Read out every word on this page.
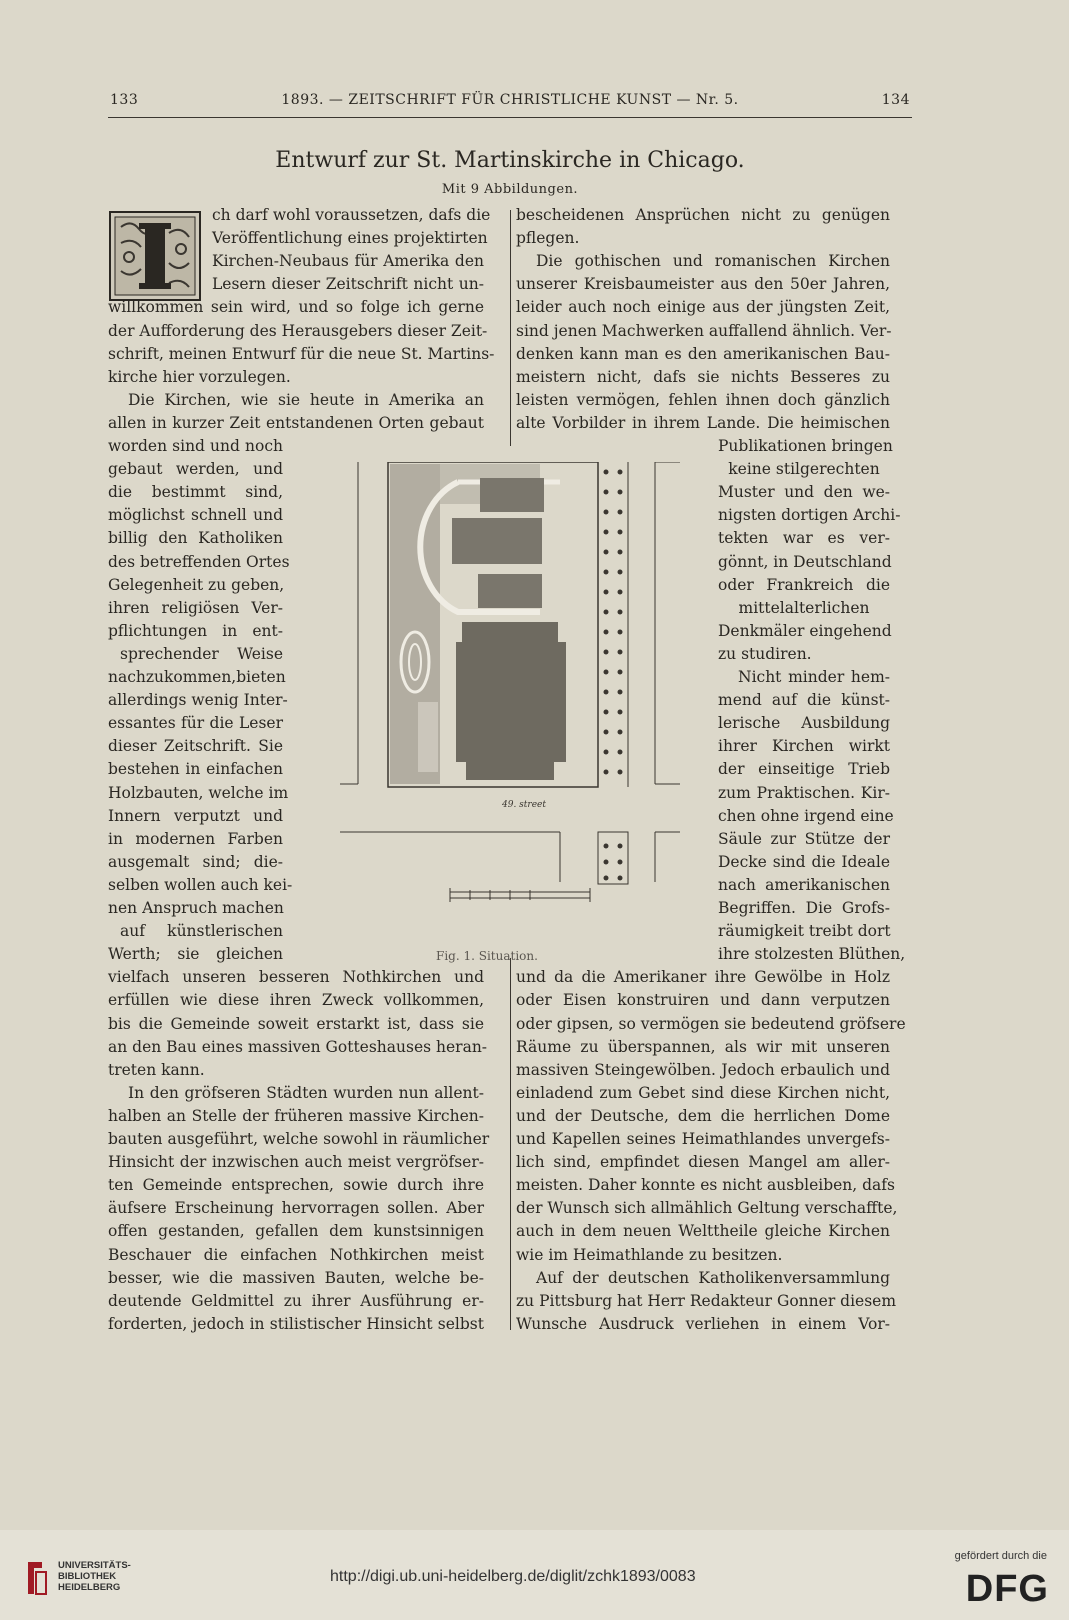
133	1893. — ZEITSCHRIFT FÜR CHRISTLICHE KUNST — Nr. 5.	134
Entwurf zur St. Martinskirche in Chicago.
Mit 9 Abbildungen.
ch darf wohl voraussetzen, dafs die
Veröffentlichung eines projektirten
Kirchen-Neubaus für Amerika den
Lesern dieser Zeitschrift nicht un-
willkommen sein wird, und so folge ich gerne
der Aufforderung des Herausgebers dieser Zeit-
schrift, meinen Entwurf für die neue St. Martins-
kirche hier vorzulegen.
Die Kirchen, wie sie heute in Amerika an
allen in kurzer Zeit entstandenen Orten gebaut
worden sind und noch
gebaut werden, und
die bestimmt sind,
möglichst schnell und
billig den Katholiken
des betreffenden Ortes
Gelegenheit zu geben,
ihren religiösen Ver-
pflichtungen in ent-
sprechender Weise
nachzukommen,bieten
allerdings wenig Inter-
essantes für die Leser
dieser Zeitschrift. Sie
bestehen in einfachen
Holzbauten, welche im
Innern verputzt und
in modernen Farben
ausgemalt sind; die-
selben wollen auch kei-
nen Anspruch machen
auf künstlerischen
Werth; sie gleichen
vielfach unseren besseren Nothkirchen und
erfüllen wie diese ihren Zweck vollkommen,
bis die Gemeinde soweit erstarkt ist, dass sie
an den Bau eines massiven Gotteshauses heran-
treten kann.
In den gröfseren Städten wurden nun allent-
halben an Stelle der früheren massive Kirchen-
bauten ausgeführt, welche sowohl in räumlicher
Hinsicht der inzwischen auch meist vergröfser-
ten Gemeinde entsprechen, sowie durch ihre
äufsere Erscheinung hervorragen sollen. Aber
offen gestanden, gefallen dem kunstsinnigen
Beschauer die einfachen Nothkirchen meist
besser, wie die massiven Bauten, welche be-
deutende Geldmittel zu ihrer Ausführung er-
forderten, jedoch in stilistischer Hinsicht selbst
bescheidenen Ansprüchen nicht zu genügen
pflegen.
Die gothischen und romanischen Kirchen
unserer Kreisbaumeister aus den 50er Jahren,
leider auch noch einige aus der jüngsten Zeit,
sind jenen Machwerken auffallend ähnlich. Ver-
denken kann man es den amerikanischen Bau-
meistern nicht, dafs sie nichts Besseres zu
leisten vermögen, fehlen ihnen doch gänzlich
alte Vorbilder in ihrem Lande. Die heimischen
Publikationen bringen
keine stilgerechten
Muster und den we-
nigsten dortigen Archi-
tekten war es ver-
gönnt, in Deutschland
oder Frankreich die
mittelalterlichen
Denkmäler eingehend
zu studiren.
Nicht minder hem-
mend auf die künst-
lerische Ausbildung
ihrer Kirchen wirkt
der einseitige Trieb
zum Praktischen. Kir-
chen ohne irgend eine
Säule zur Stütze der
Decke sind die Ideale
nach amerikanischen
Begriffen. Die Grofs-
räumigkeit treibt dort
ihre stolzesten Blüthen,
und da die Amerikaner ihre Gewölbe in Holz
oder Eisen konstruiren und dann verputzen
oder gipsen, so vermögen sie bedeutend gröfsere
Räume zu überspannen, als wir mit unseren
massiven Steingewölben. Jedoch erbaulich und
einladend zum Gebet sind diese Kirchen nicht,
und der Deutsche, dem die herrlichen Dome
und Kapellen seines Heimathlandes unvergefs-
lich sind, empfindet diesen Mangel am aller-
meisten. Daher konnte es nicht ausbleiben, dafs
der Wunsch sich allmählich Geltung verschaffte,
auch in dem neuen Welttheile gleiche Kirchen
wie im Heimathlande zu besitzen.
Auf der deutschen Katholikenversammlung
zu Pittsburg hat Herr Redakteur Gonner diesem
Wunsche Ausdruck verliehen in einem Vor-
49. street
Fig. 1. Situation.
UNIVERSITÄTS-
BIBLIOTHEK
HEIDELBERG
http://digi.ub.uni-heidelberg.de/diglit/zchk1893/0083
gefördert durch die
DFG
